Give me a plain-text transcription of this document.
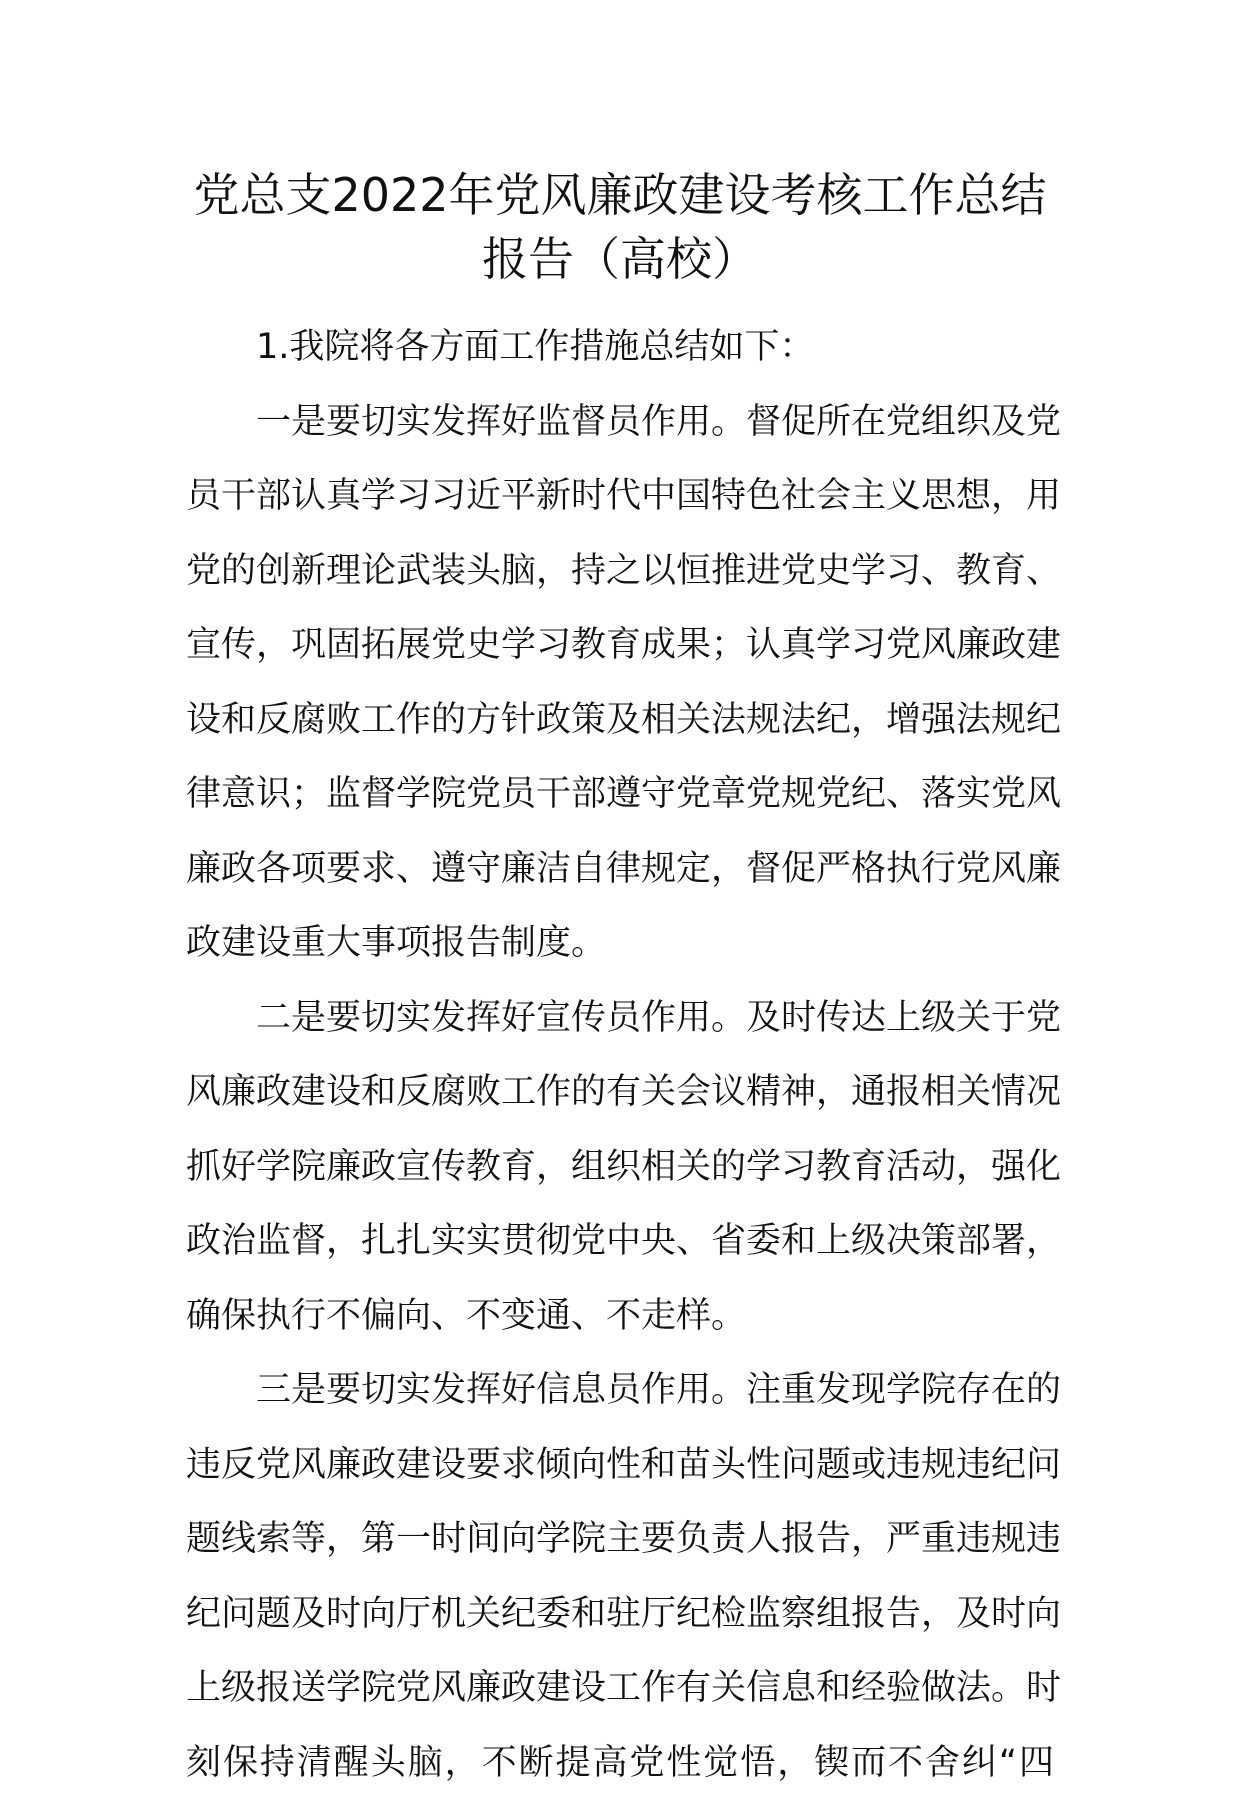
党总支2022年党风廉政建设考核工作总结
报告（高校）

1.我院将各方面工作措施总结如下：

一是要切实发挥好监督员作用。督促所在党组织及党
员干部认真学习习近平新时代中国特色社会主义思想，用
党的创新理论武装头脑，持之以恒推进党史学习、教育、
宣传，巩固拓展党史学习教育成果；认真学习党风廉政建
设和反腐败工作的方针政策及相关法规法纪，增强法规纪
律意识；监督学院党员干部遵守党章党规党纪、落实党风
廉政各项要求、遵守廉洁自律规定，督促严格执行党风廉
政建设重大事项报告制度。

二是要切实发挥好宣传员作用。及时传达上级关于党
风廉政建设和反腐败工作的有关会议精神，通报相关情况
抓好学院廉政宣传教育，组织相关的学习教育活动，强化
政治监督，扎扎实实贯彻党中央、省委和上级决策部署，
确保执行不偏向、不变通、不走样。

三是要切实发挥好信息员作用。注重发现学院存在的
违反党风廉政建设要求倾向性和苗头性问题或违规违纪问
题线索等，第一时间向学院主要负责人报告，严重违规违
纪问题及时向厅机关纪委和驻厅纪检监察组报告，及时向
上级报送学院党风廉政建设工作有关信息和经验做法。时
刻保持清醒头脑，不断提高党性觉悟，锲而不舍纠“四
